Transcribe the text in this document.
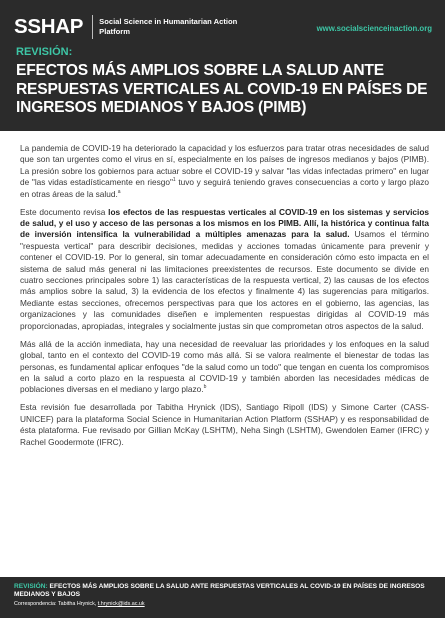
SSHAP Social Science in Humanitarian Action Platform	www.socialscienceinaction.org
REVISIÓN:
EFECTOS MÁS AMPLIOS SOBRE LA SALUD ANTE RESPUESTAS VERTICALES AL COVID-19 EN PAÍSES DE INGRESOS MEDIANOS Y BAJOS (PIMB)

La pandemia de COVID-19 ha deteriorado la capacidad y los esfuerzos para tratar otras necesidades de salud que son tan urgentes como el virus en sí, especialmente en los países de ingresos medianos y bajos (PIMB). La presión sobre los gobiernos para actuar sobre el COVID-19 y salvar "las vidas infectadas primero" en lugar de "las vidas estadísticamente en riesgo"$^1$ tuvo y seguirá teniendo graves consecuencias a corto y largo plazo en otras áreas de la salud.$^a$

Este documento revisa los efectos de las respuestas verticales al COVID-19 en los sistemas y servicios de salud, y el uso y acceso de las personas a los mismos en los PIMB. Allí, la histórica y continua falta de inversión intensifica la vulnerabilidad a múltiples amenazas para la salud. Usamos el término "respuesta vertical" para describir decisiones, medidas y acciones tomadas únicamente para prevenir y contener el COVID-19. Por lo general, sin tomar adecuadamente en consideración cómo esto impacta en el sistema de salud más general ni las limitaciones preexistentes de recursos. Este documento se divide en cuatro secciones principales sobre 1) las características de la respuesta vertical, 2) las causas de los efectos más amplios sobre la salud, 3) la evidencia de los efectos y finalmente 4) las sugerencias para mitigarlos. Mediante estas secciones, ofrecemos perspectivas para que los actores en el gobierno, las agencias, las organizaciones y las comunidades diseñen e implementen respuestas dirigidas al COVID-19 más proporcionadas, apropiadas, integrales y socialmente justas sin que comprometan otros aspectos de la salud.

Más allá de la acción inmediata, hay una necesidad de reevaluar las prioridades y los enfoques en la salud global, tanto en el contexto del COVID-19 como más allá. Si se valora realmente el bienestar de todas las personas, es fundamental aplicar enfoques "de la salud como un todo" que tengan en cuenta los compromisos en la salud a corto plazo en la respuesta al COVID-19 y también aborden las necesidades médicas de poblaciones diversas en el mediano y largo plazo.$^b$

Esta revisión fue desarrollada por Tabitha Hrynick (IDS), Santiago Ripoll (IDS) y Simone Carter (CASS-UNICEF) para la plataforma Social Science in Humanitarian Action Platform (SSHAP) y es responsabilidad de ésta plataforma. Fue revisado por Gillian McKay (LSHTM), Neha Singh (LSHTM), Gwendolen Eamer (IFRC) y Rachel Goodermote (IFRC).

REVISIÓN: EFECTOS MÁS AMPLIOS SOBRE LA SALUD ANTE RESPUESTAS VERTICALES AL COVID-19 EN PAÍSES DE INGRESOS MEDIANOS Y BAJOS
Correspondencia: Tabitha Hrynick, t.hrynick@ids.ac.uk
